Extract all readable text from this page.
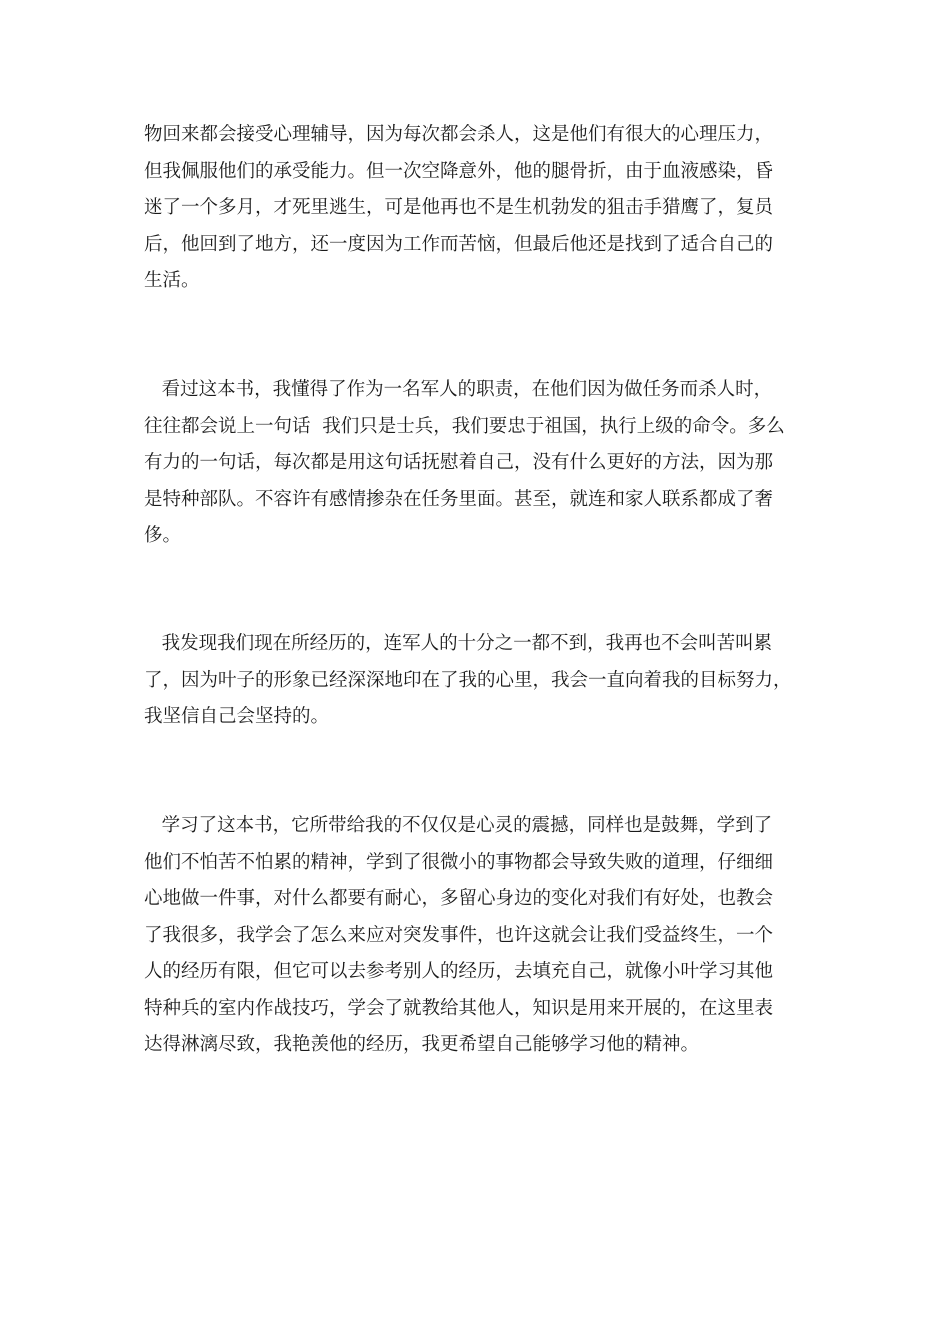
物回来都会接受心理辅导，因为每次都会杀人，这是他们有很大的心理压力，
但我佩服他们的承受能力。但一次空降意外，他的腿骨折，由于血液感染，昏
迷了一个多月，才死里逃生，可是他再也不是生机勃发的狙击手猎鹰了，复员
后，他回到了地方，还一度因为工作而苦恼，但最后他还是找到了适合自己的
生活。

看过这本书，我懂得了作为一名军人的职责，在他们因为做任务而杀人时，
往往都会说上一句话  我们只是士兵，我们要忠于祖国，执行上级的命令。多么
有力的一句话，每次都是用这句话抚慰着自己，没有什么更好的方法，因为那
是特种部队。不容许有感情掺杂在任务里面。甚至，就连和家人联系都成了奢
侈。

我发现我们现在所经历的，连军人的十分之一都不到，我再也不会叫苦叫累
了，因为叶子的形象已经深深地印在了我的心里，我会一直向着我的目标努力，
我坚信自己会坚持的。

学习了这本书，它所带给我的不仅仅是心灵的震撼，同样也是鼓舞，学到了
他们不怕苦不怕累的精神，学到了很微小的事物都会导致失败的道理，仔细细
心地做一件事，对什么都要有耐心，多留心身边的变化对我们有好处，也教会
了我很多，我学会了怎么来应对突发事件，也许这就会让我们受益终生，一个
人的经历有限，但它可以去参考别人的经历，去填充自己，就像小叶学习其他
特种兵的室内作战技巧，学会了就教给其他人，知识是用来开展的，在这里表
达得淋漓尽致，我艳羡他的经历，我更希望自己能够学习他的精神。
